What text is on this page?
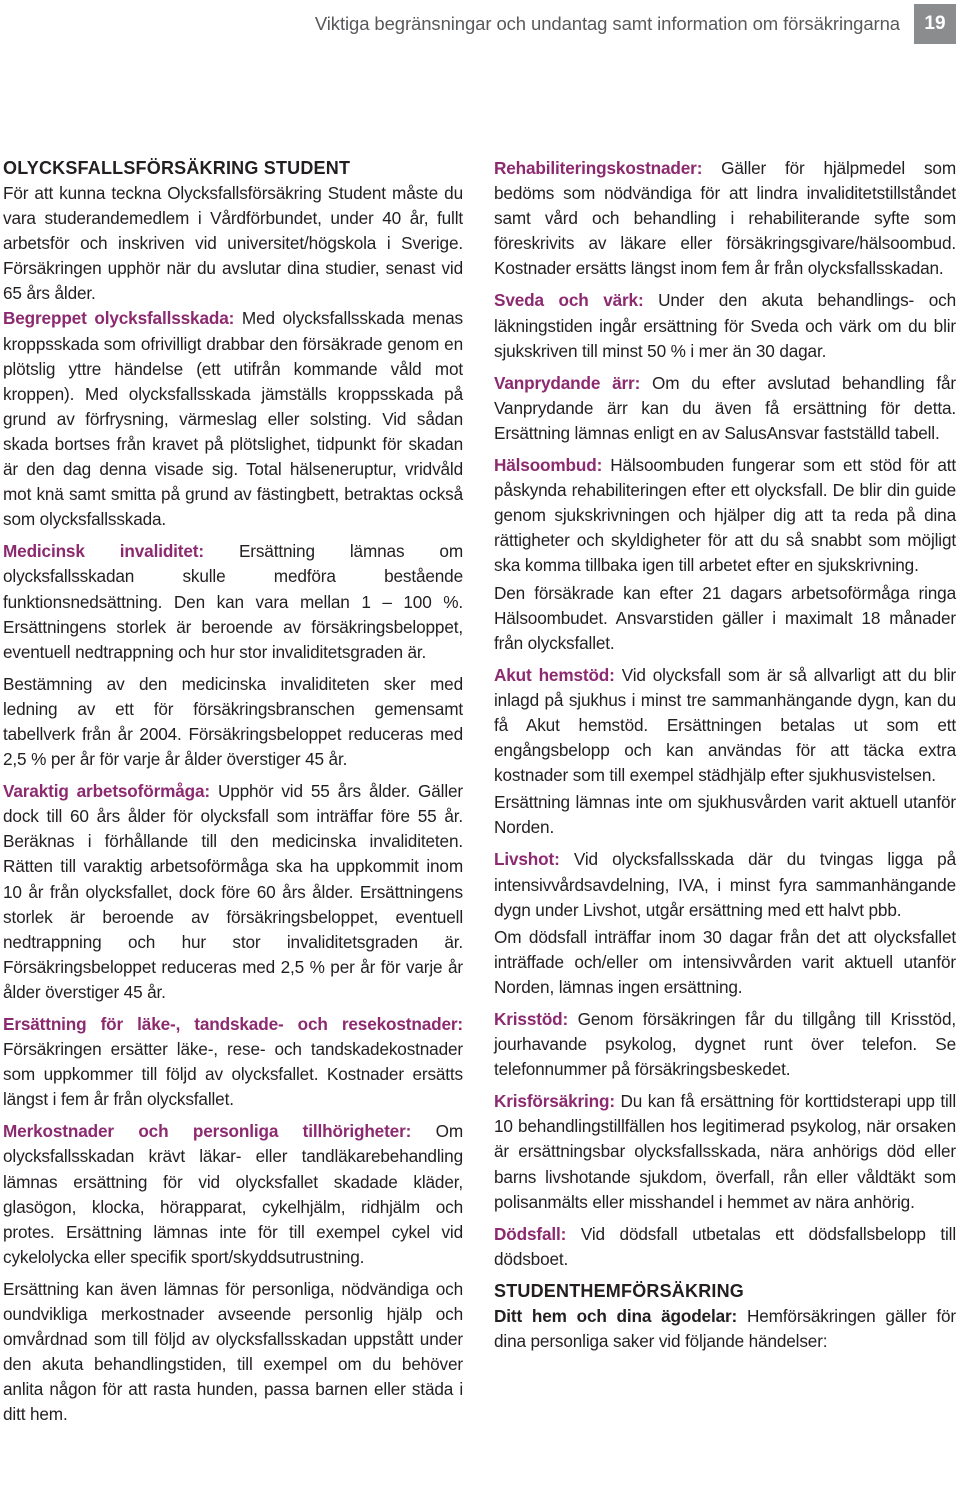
Viktiga begränsningar och undantag samt information om försäkringarna	19
OLYCKSFALLSFÖRSÄKRING STUDENT

För att kunna teckna Olycksfallsförsäkring Student måste du vara studerandemedlem i Vårdförbundet, under 40 år, fullt arbetsför och inskriven vid universitet/högskola i Sverige. Försäkringen upphör när du avslutar dina studier, senast vid 65 års ålder.

Begreppet olycksfallsskada: Med olycksfallsskada menas kroppsskada som ofrivilligt drabbar den försäkrade genom en plötslig yttre händelse (ett utifrån kommande våld mot kroppen). Med olycksfallsskada jämställs kroppsskada på grund av förfrysning, värmeslag eller solsting. Vid sådan skada bortses från kravet på plötslighet, tidpunkt för skadan är den dag denna visade sig. Total hälseneruptur, vridvåld mot knä samt smitta på grund av fästingbett, betraktas också som olycksfallsskada.

Medicinsk invaliditet: Ersättning lämnas om olycksfallsskadan skulle medföra bestående funktionsnedsättning. Den kan vara mellan 1 – 100 %. Ersättningens storlek är beroende av försäkringsbeloppet, eventuell nedtrappning och hur stor invaliditetsgraden är.

Bestämning av den medicinska invaliditeten sker med ledning av ett för försäkringsbranschen gemensamt tabellverk från år 2004. Försäkringsbeloppet reduceras med 2,5 % per år för varje år ålder överstiger 45 år.

Varaktig arbetsoförmåga: Upphör vid 55 års ålder. Gäller dock till 60 års ålder för olycksfall som inträffar före 55 år. Beräknas i förhållande till den medicinska invaliditeten. Rätten till varaktig arbetsoförmåga ska ha uppkommit inom 10 år från olycksfallet, dock före 60 års ålder. Ersättningens storlek är beroende av försäkringsbeloppet, eventuell nedtrappning och hur stor invaliditetsgraden är. Försäkringsbeloppet reduceras med 2,5 % per år för varje år ålder överstiger 45 år.

Ersättning för läke-, tandskade- och resekostnader: Försäkringen ersätter läke-, rese- och tandskadekostnader som uppkommer till följd av olycksfallet. Kostnader ersätts längst i fem år från olycksfallet.

Merkostnader och personliga tillhörigheter: Om olycksfallsskadan krävt läkar- eller tandläkarebehandling lämnas ersättning för vid olycksfallet skadade kläder, glasögon, klocka, hörapparat, cykelhjälm, ridhjälm och protes. Ersättning lämnas inte för till exempel cykel vid cykelolycka eller specifik sport/skyddsutrustning.

Ersättning kan även lämnas för personliga, nödvändiga och oundvikliga merkostnader avseende personlig hjälp och omvårdnad som till följd av olycksfallsskadan uppstått under den akuta behandlingstiden, till exempel om du behöver anlita någon för att rasta hunden, passa barnen eller städa i ditt hem.

Rehabiliteringskostnader: Gäller för hjälpmedel som bedöms som nödvändiga för att lindra invaliditetstillståndet samt vård och behandling i rehabiliterande syfte som föreskrivits av läkare eller försäkringsgivare/hälsoombud. Kostnader ersätts längst inom fem år från olycksfallsskadan.

Sveda och värk: Under den akuta behandlings- och läkningstiden ingår ersättning för Sveda och värk om du blir sjukskriven till minst 50 % i mer än 30 dagar.

Vanprydande ärr: Om du efter avslutad behandling får Vanprydande ärr kan du även få ersättning för detta. Ersättning lämnas enligt en av SalusAnsvar fastställd tabell.

Hälsoombud: Hälsoombuden fungerar som ett stöd för att påskynda rehabiliteringen efter ett olycksfall. De blir din guide genom sjukskrivningen och hjälper dig att ta reda på dina rättigheter och skyldigheter för att du så snabbt som möjligt ska komma tillbaka igen till arbetet efter en sjukskrivning.

Den försäkrade kan efter 21 dagars arbetsoförmåga ringa Hälsoombudet. Ansvarstiden gäller i maximalt 18 månader från olycksfallet.

Akut hemstöd: Vid olycksfall som är så allvarligt att du blir inlagd på sjukhus i minst tre sammanhängande dygn, kan du få Akut hemstöd. Ersättningen betalas ut som ett engångsbelopp och kan användas för att täcka extra kostnader som till exempel städhjälp efter sjukhusvistelsen.

Ersättning lämnas inte om sjukhusvården varit aktuell utanför Norden.

Livshot: Vid olycksfallsskada där du tvingas ligga på intensivvårdsavdelning, IVA, i minst fyra sammanhängande dygn under Livshot, utgår ersättning med ett halvt pbb.

Om dödsfall inträffar inom 30 dagar från det att olycksfallet inträffade och/eller om intensivvården varit aktuell utanför Norden, lämnas ingen ersättning.

Krisstöd: Genom försäkringen får du tillgång till Krisstöd, jourhavande psykolog, dygnet runt över telefon. Se telefonnummer på försäkringsbeskedet.

Krisförsäkring: Du kan få ersättning för korttidsterapi upp till 10 behandlingstillfällen hos legitimerad psykolog, när orsaken är ersättningsbar olycksfallsskada, nära anhörigs död eller barns livshotande sjukdom, överfall, rån eller våldtäkt som polisanmälts eller misshandel i hemmet av nära anhörig.

Dödsfall: Vid dödsfall utbetalas ett dödsfallsbelopp till dödsboet.

STUDENTHEMFÖRSÄKRING

Ditt hem och dina ägodelar: Hemförsäkringen gäller för dina personliga saker vid följande händelser:
